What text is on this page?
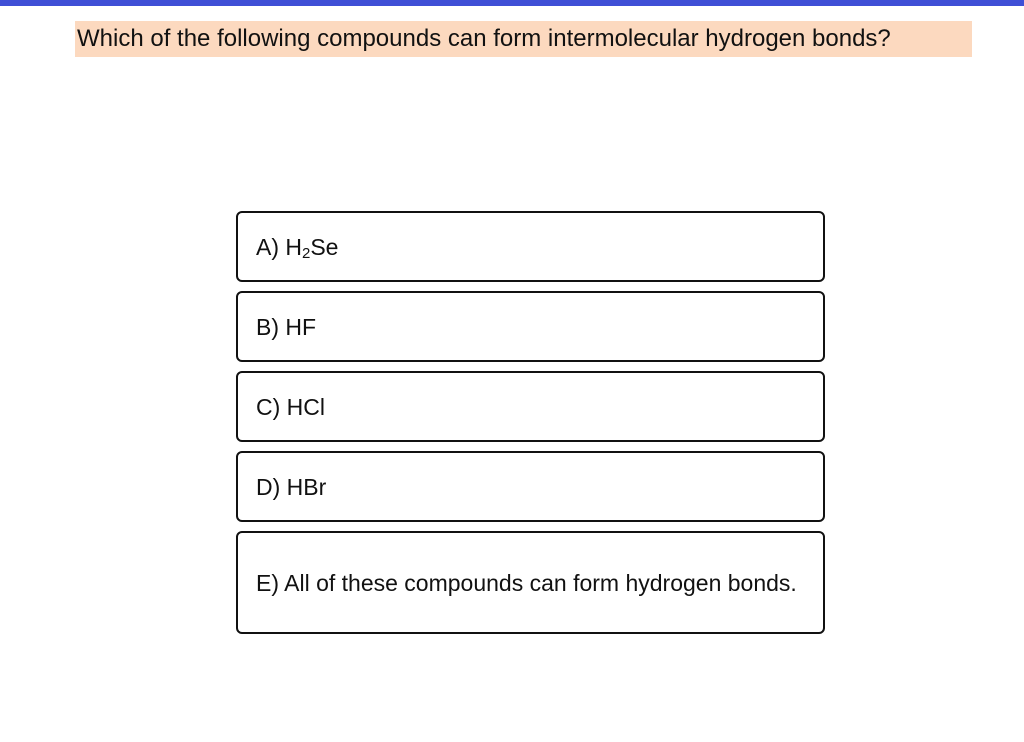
Which of the following compounds can form intermolecular hydrogen bonds?
A) $H_2Se$
B) HF
C) HCl
D) HBr
E) All of these compounds can form hydrogen bonds.
